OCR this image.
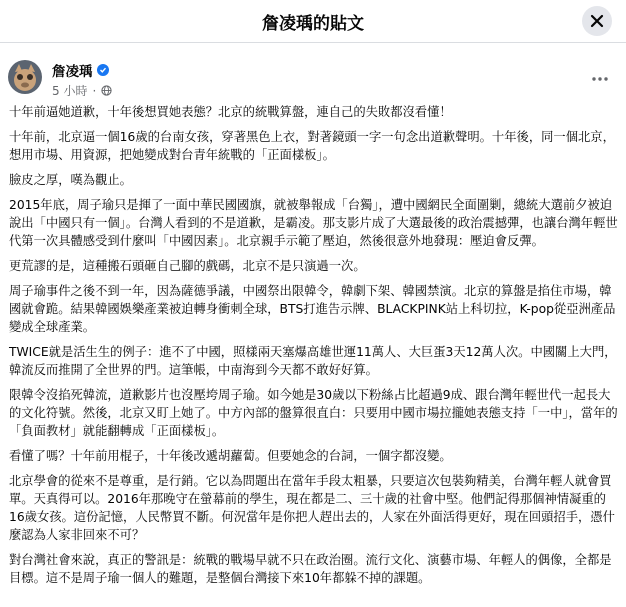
詹凌瑀的貼文
詹凌瑀
5 小時 ·

十年前逼她道歉，十年後想買她表態？北京的統戰算盤，連自己的失敗都沒看懂！

十年前，北京逼一個16歲的台南女孩，穿著黑色上衣，對著鏡頭一字一句念出道歉聲明。十年後，同一個北京，想用市場、用資源，把她變成對台青年統戰的「正面樣板」。

臉皮之厚，嘆為觀止。

2015年底，周子瑜只是揮了一面中華民國國旗，就被舉報成「台獨」，遭中國網民全面圍剿，總統大選前夕被迫說出「中國只有一個」。台灣人看到的不是道歉，是霸凌。那支影片成了大選最後的政治震撼彈，也讓台灣年輕世代第一次具體感受到什麼叫「中國因素」。北京親手示範了壓迫，然後很意外地發現：壓迫會反彈。

更荒謬的是，這種搬石頭砸自己腳的戲碼，北京不是只演過一次。

周子瑜事件之後不到一年，因為薩德爭議，中國祭出限韓令，韓劇下架、韓國禁演。北京的算盤是掐住市場，韓國就會跪。結果韓國娛樂產業被迫轉身衝刺全球，BTS打進告示牌、BLACKPINK站上科切拉，K-pop從亞洲產品變成全球產業。

TWICE就是活生生的例子：進不了中國，照樣兩天塞爆高雄世運11萬人、大巨蛋3天12萬人次。中國關上大門，韓流反而推開了全世界的門。這筆帳，中南海到今天都不敢好好算。

限韓令沒掐死韓流，道歉影片也沒壓垮周子瑜。如今她是30歲以下粉絲占比超過9成、跟台灣年輕世代一起長大的文化符號。然後，北京又盯上她了。中方內部的盤算很直白：只要用中國市場拉攏她表態支持「一中」，當年的「負面教材」就能翻轉成「正面樣板」。

看懂了嗎？十年前用棍子，十年後改遞胡蘿蔔。但要她念的台詞，一個字都沒變。

北京學會的從來不是尊重，是行銷。它以為問題出在當年手段太粗暴，只要這次包裝夠精美，台灣年輕人就會買單。天真得可以。2016年那晚守在螢幕前的學生，現在都是二、三十歲的社會中堅。他們記得那個神情凝重的16歲女孩。這份記憶，人民幣買不斷。何況當年是你把人趕出去的，人家在外面活得更好，現在回頭招手，憑什麼認為人家非回來不可？

對台灣社會來說，真正的警訊是：統戰的戰場早就不只在政治圈。流行文化、演藝市場、年輕人的偶像，全都是目標。這不是周子瑜一個人的難題，是整個台灣接下來10年都躲不掉的課題。
